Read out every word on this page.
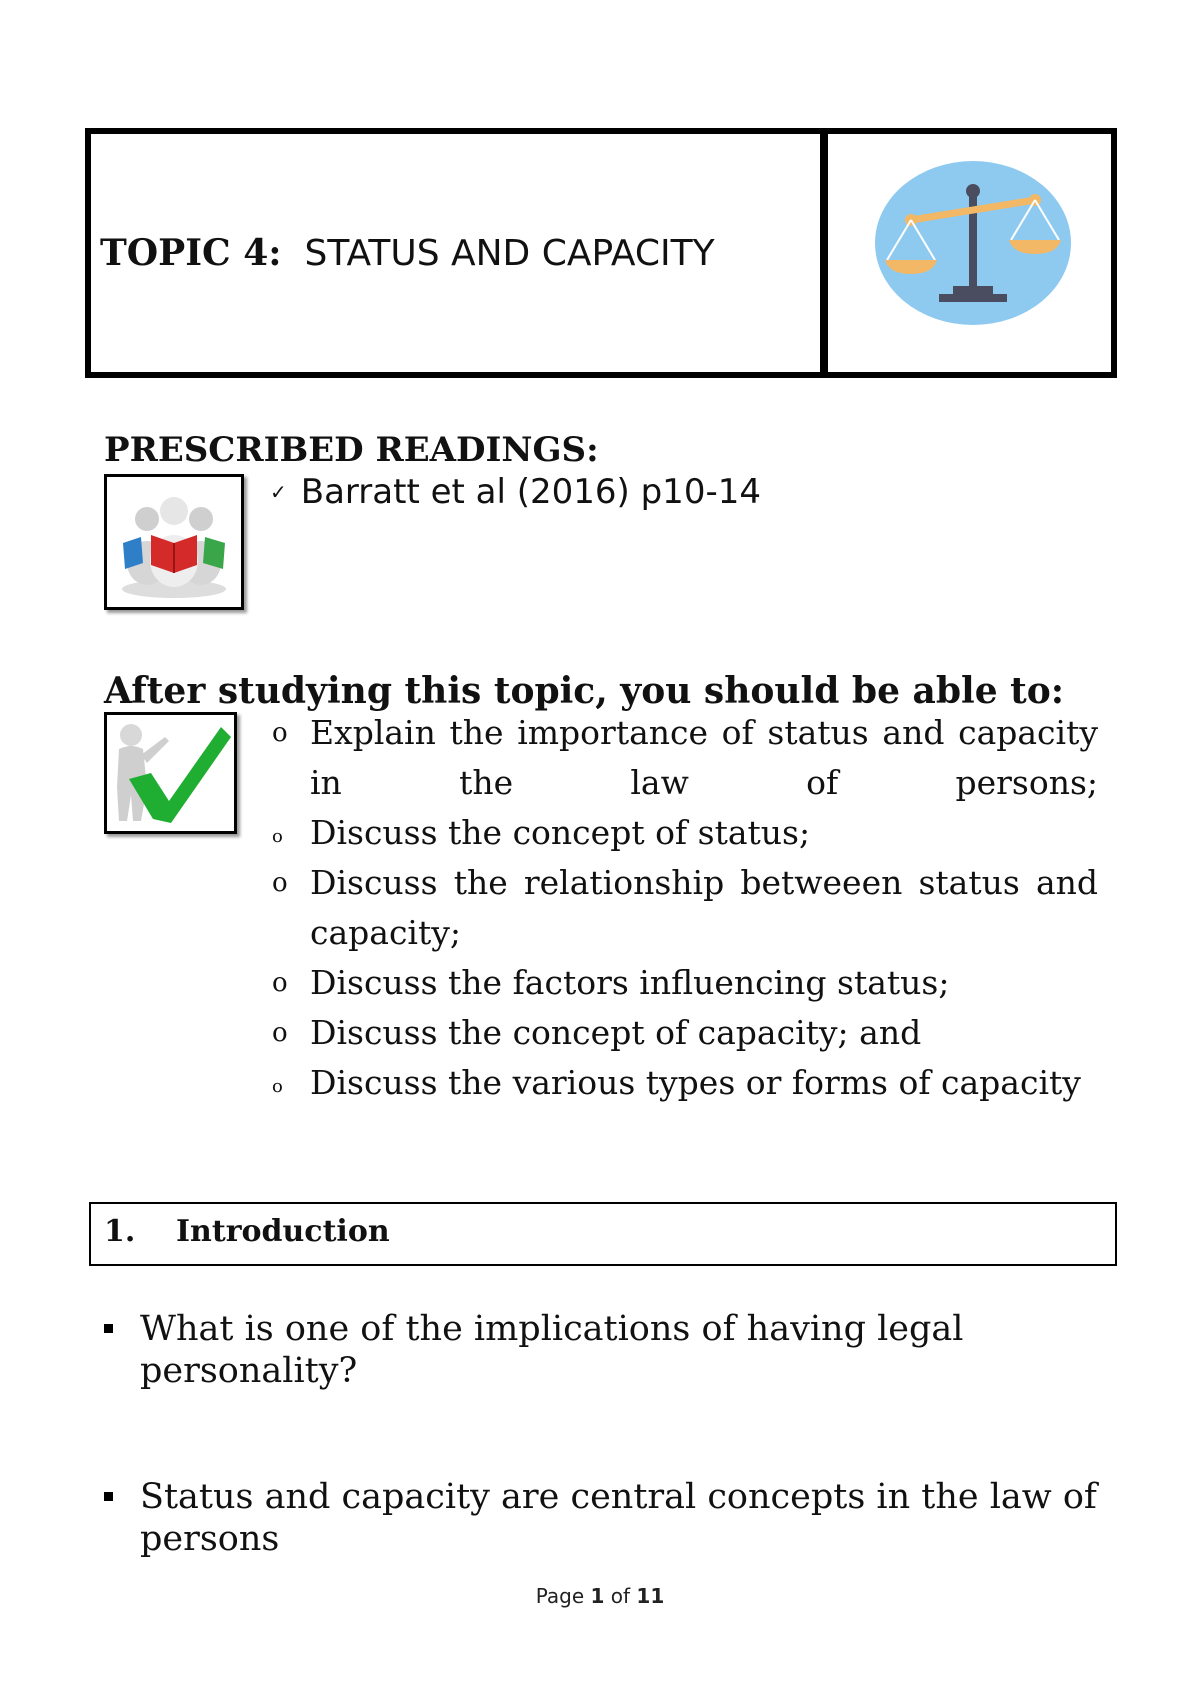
TOPIC 4: STATUS AND CAPACITY
PRESCRIBED READINGS:
✓ Barratt et al (2016) p10-14
After studying this topic, you should be able to:
o Explain the importance of status and capacity in the law of persons;
o Discuss the concept of status;
o Discuss the relationship betweeen status and capacity;
o Discuss the factors influencing status;
o Discuss the concept of capacity; and
o Discuss the various types or forms of capacity
1. Introduction
What is one of the implications of having legal personality?
Status and capacity are central concepts in the law of persons
Page 1 of 11
